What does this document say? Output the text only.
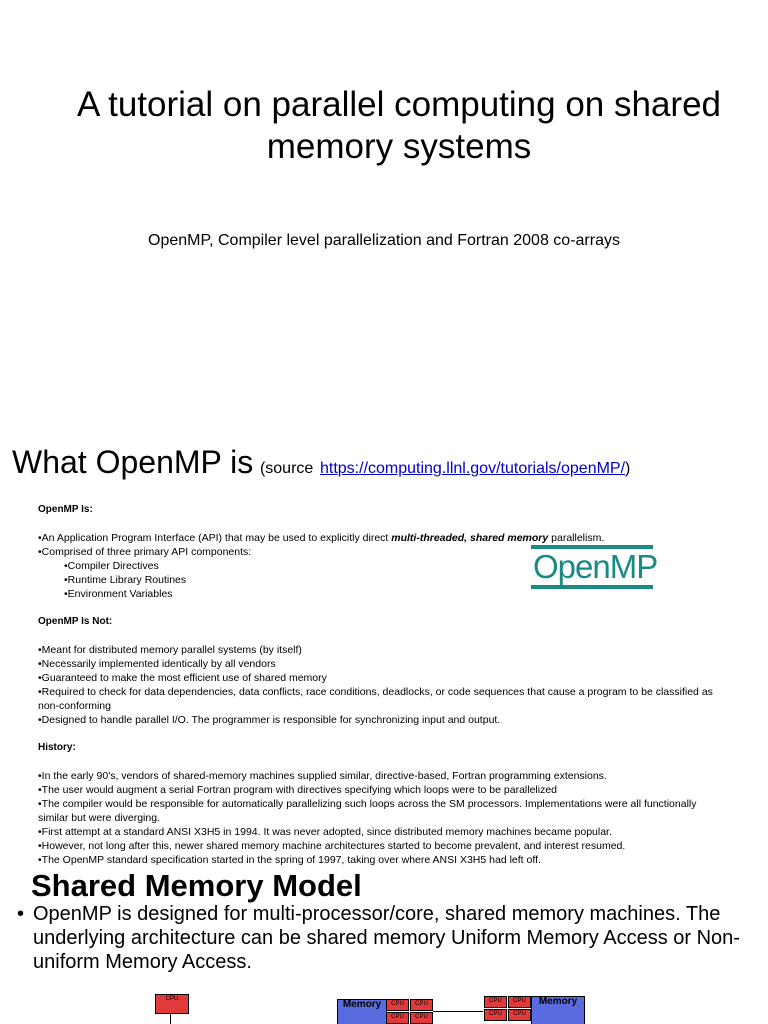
A tutorial on parallel computing on shared memory systems

OpenMP, Compiler level parallelization and Fortran 2008 co-arrays

What OpenMP is (source https://computing.llnl.gov/tutorials/openMP/)
OpenMP
OpenMP Is:
•An Application Program Interface (API) that may be used to explicitly direct multi-threaded, shared memory parallelism.
•Comprised of three primary API components:
•Compiler Directives
•Runtime Library Routines
•Environment Variables
OpenMP Is Not:
•Meant for distributed memory parallel systems (by itself)
•Necessarily implemented identically by all vendors
•Guaranteed to make the most efficient use of shared memory
•Required to check for data dependencies, data conflicts, race conditions, deadlocks, or code sequences that cause a program to be classified as non-conforming
•Designed to handle parallel I/O. The programmer is responsible for synchronizing input and output.
History:
•In the early 90's, vendors of shared-memory machines supplied similar, directive-based, Fortran programming extensions.
•The user would augment a serial Fortran program with directives specifying which loops were to be parallelized
•The compiler would be responsible for automatically parallelizing such loops across the SM processors. Implementations were all functionally similar but were diverging.
•First attempt at a standard ANSI X3H5 in 1994. It was never adopted, since distributed memory machines became popular.
•However, not long after this, newer shared memory machine architectures started to become prevalent, and interest resumed.
•The OpenMP standard specification started in the spring of 1997, taking over where ANSI X3H5 had left off.
Shared Memory Model
• OpenMP is designed for multi-processor/core, shared memory machines. The underlying architecture can be shared memory Uniform Memory Access or Non-uniform Memory Access.
CPU	Memory	CPU	CPU
CPU	CPU
CPU	CPU
CPU	CPU
Memory
